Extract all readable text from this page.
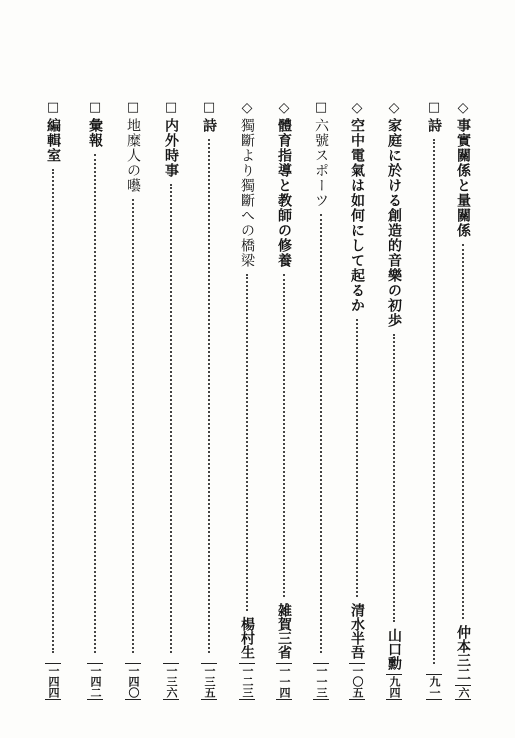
◇
事實關係と量關係
仲本三二
六
□
詩
九一
◇
家庭に於ける創造的音樂の初歩
山口勳
九四
◇
空中電氣は如何にして起るか
清水半吾
一〇五
□
六號スポーツ
一一三
◇
體育指導と教師の修養
雑賀三省
一一四
◇
獨斷より獨斷への橋梁
楊村生
一二三
□
詩
一三五
□
内外時事
一三六
□
地糜人の囈
一四〇
□
彙報
一四二
□
編輯室
一四四
